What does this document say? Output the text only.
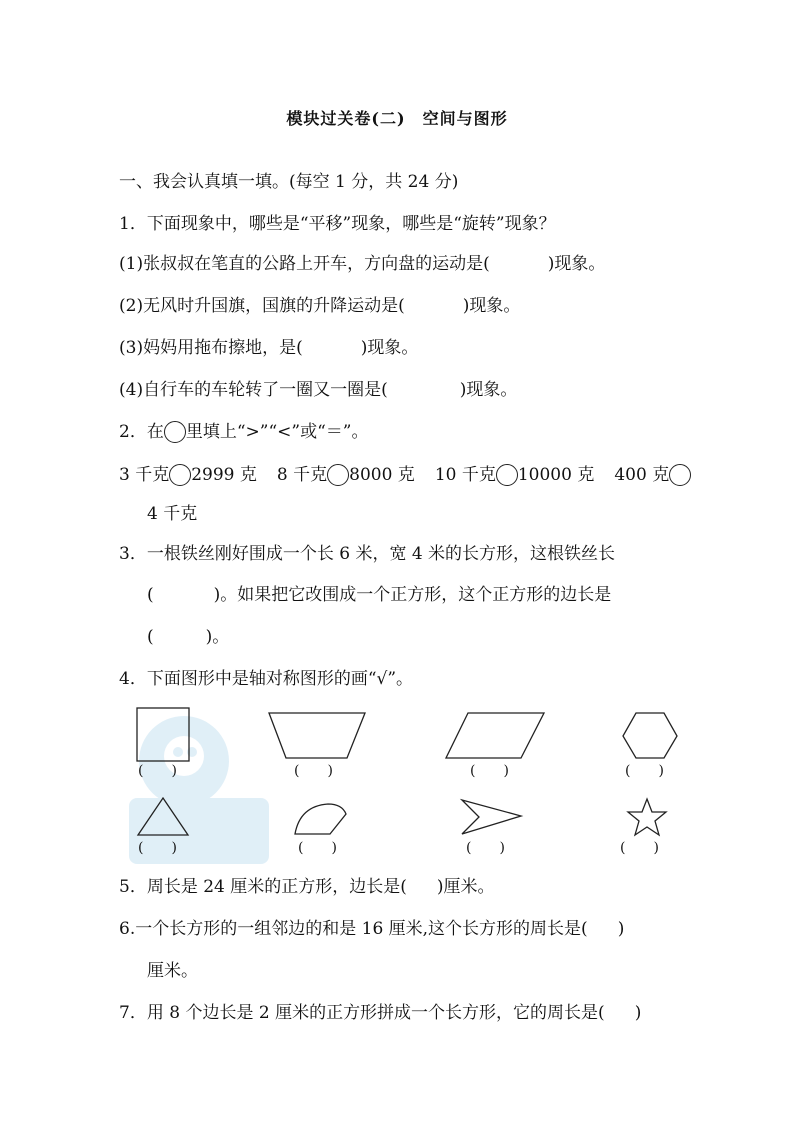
模块过关卷(二)　空间与图形
一、我会认真填一填。(每空 1 分，共 24 分)
1．下面现象中，哪些是“平移”现象，哪些是“旋转”现象？
(1)张叔叔在笔直的公路上开车，方向盘的运动是(	)现象。
(2)无风时升国旗，国旗的升降运动是(	)现象。
(3)妈妈用拖布擦地，是(	)现象。
(4)自行车的车轮转了一圈又一圈是(	)现象。
2．在 里填上“>”“<”或“＝”。
3 千克 2999 克 8 千克 8000 克 10 千克 10000 克 400 克
4 千克
3．一根铁丝刚好围成一个长 6 米，宽 4 米的长方形，这根铁丝长
(	)。如果把它改围成一个正方形，这个正方形的边长是
(	)。
4．下面图形中是轴对称图形的画“√”。
(　　)	(　　)	(　　)	(　　)
(　　)	(　　)	(　　)	(　　)
5．周长是 24 厘米的正方形，边长是( )厘米。
6.一个长方形的一组邻边的和是 16 厘米,这个长方形的周长是( )
厘米。
7．用 8 个边长是 2 厘米的正方形拼成一个长方形，它的周长是( )
